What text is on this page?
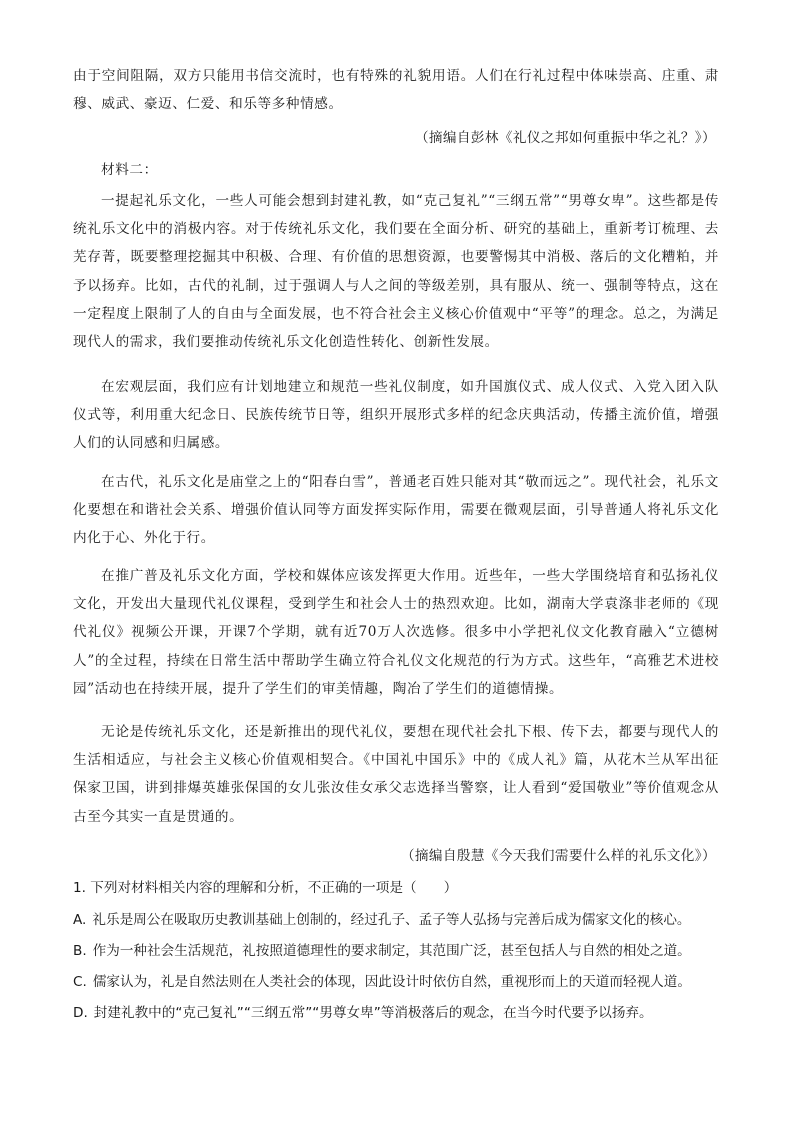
由于空间阻隔，双方只能用书信交流时，也有特殊的礼貌用语。人们在行礼过程中体味崇高、庄重、肃穆、威武、豪迈、仁爱、和乐等多种情感。
（摘编自彭林《礼仪之邦如何重振中华之礼？》）
材料二：
一提起礼乐文化，一些人可能会想到封建礼教，如“克己复礼”“三纲五常”“男尊女卑”。这些都是传统礼乐文化中的消极内容。对于传统礼乐文化，我们要在全面分析、研究的基础上，重新考订梳理、去芜存菁，既要整理挖掘其中积极、合理、有价值的思想资源，也要警惕其中消极、落后的文化糟粕，并予以扬弃。比如，古代的礼制，过于强调人与人之间的等级差别，具有服从、统一、强制等特点，这在一定程度上限制了人的自由与全面发展，也不符合社会主义核心价值观中“平等”的理念。总之，为满足现代人的需求，我们要推动传统礼乐文化创造性转化、创新性发展。
在宏观层面，我们应有计划地建立和规范一些礼仪制度，如升国旗仪式、成人仪式、入党入团入队仪式等，利用重大纪念日、民族传统节日等，组织开展形式多样的纪念庆典活动，传播主流价值，增强人们的认同感和归属感。
在古代，礼乐文化是庙堂之上的“阳春白雪”，普通老百姓只能对其“敬而远之”。现代社会，礼乐文化要想在和谐社会关系、增强价值认同等方面发挥实际作用，需要在微观层面，引导普通人将礼乐文化内化于心、外化于行。
在推广普及礼乐文化方面，学校和媒体应该发挥更大作用。近些年，一些大学围绕培育和弘扬礼仪文化，开发出大量现代礼仪课程，受到学生和社会人士的热烈欢迎。比如，湖南大学袁涤非老师的《现代礼仪》视频公开课，开课7个学期，就有近70万人次选修。很多中小学把礼仪文化教育融入“立德树人”的全过程，持续在日常生活中帮助学生确立符合礼仪文化规范的行为方式。这些年，“高雅艺术进校园”活动也在持续开展，提升了学生们的审美情趣，陶冶了学生们的道德情操。
无论是传统礼乐文化，还是新推出的现代礼仪，要想在现代社会扎下根、传下去，都要与现代人的生活相适应，与社会主义核心价值观相契合。《中国礼中国乐》中的《成人礼》篇，从花木兰从军出征保家卫国，讲到排爆英雄张保国的女儿张汝佳女承父志选择当警察，让人看到“爱国敬业”等价值观念从古至今其实一直是贯通的。
（摘编自殷慧《今天我们需要什么样的礼乐文化》）
1. 下列对材料相关内容的理解和分析，不正确的一项是（　　）
A. 礼乐是周公在吸取历史教训基础上创制的，经过孔子、孟子等人弘扬与完善后成为儒家文化的核心。
B. 作为一种社会生活规范，礼按照道德理性的要求制定，其范围广泛，甚至包括人与自然的相处之道。
C. 儒家认为，礼是自然法则在人类社会的体现，因此设计时依仿自然，重视形而上的天道而轻视人道。
D. 封建礼教中的“克己复礼”“三纲五常”“男尊女卑”等消极落后的观念，在当今时代要予以扬弃。
